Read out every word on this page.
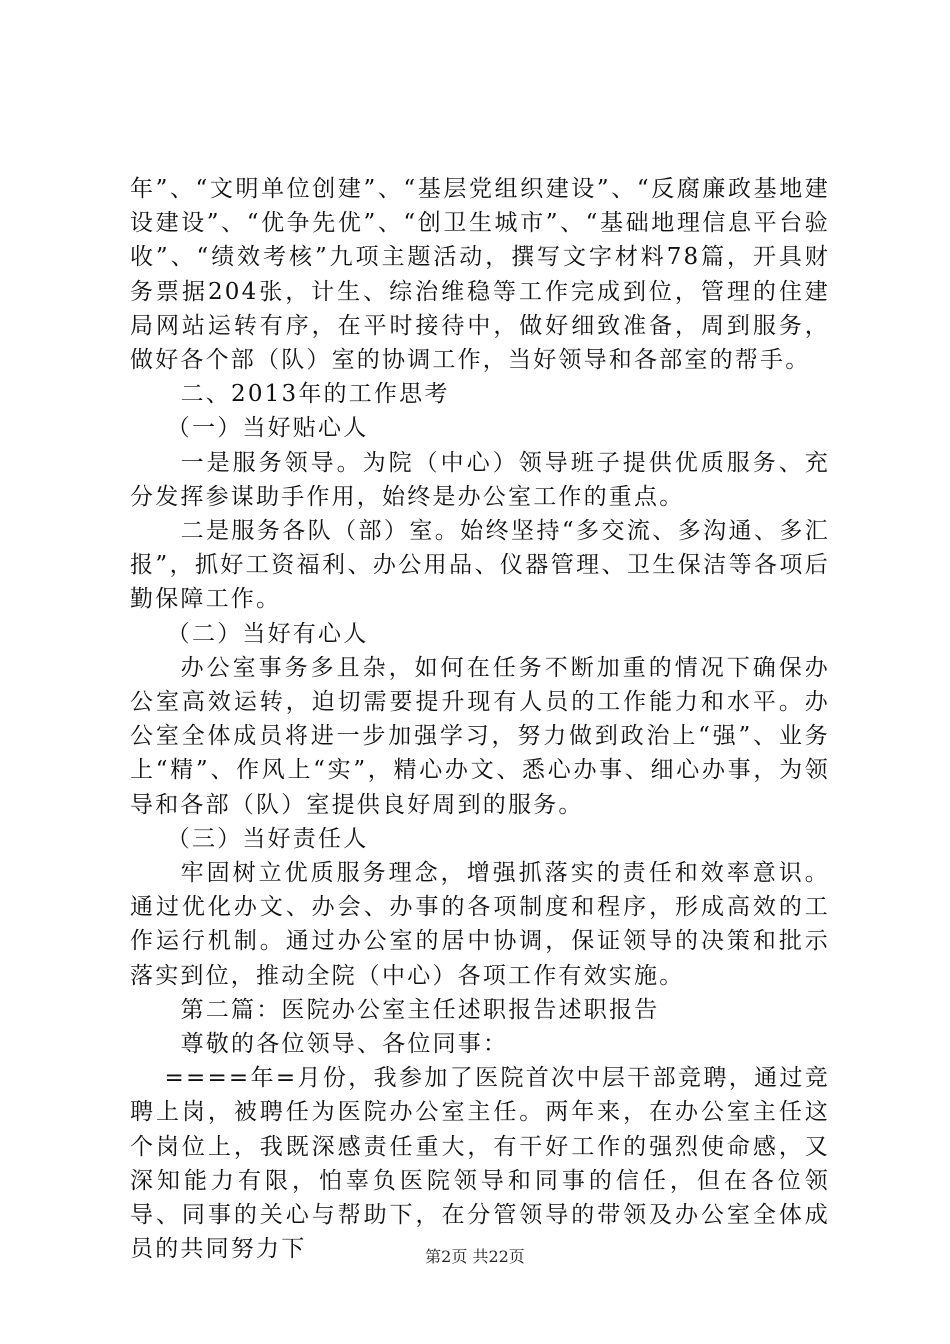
年”、“文明单位创建”、“基层党组织建设”、“反腐廉政基地建设建设”、“优争先优”、“创卫生城市”、“基础地理信息平台验收”、“绩效考核”九项主题活动，撰写文字材料78篇，开具财务票据204张，计生、综治维稳等工作完成到位，管理的住建局网站运转有序，在平时接待中，做好细致准备，周到服务，做好各个部（队）室的协调工作，当好领导和各部室的帮手。

二、2013年的工作思考

（一）当好贴心人

一是服务领导。为院（中心）领导班子提供优质服务、充分发挥参谋助手作用，始终是办公室工作的重点。

二是服务各队（部）室。始终坚持“多交流、多沟通、多汇报”，抓好工资福利、办公用品、仪器管理、卫生保洁等各项后勤保障工作。

（二）当好有心人

办公室事务多且杂，如何在任务不断加重的情况下确保办公室高效运转，迫切需要提升现有人员的工作能力和水平。办公室全体成员将进一步加强学习，努力做到政治上“强”、业务上“精”、作风上“实”，精心办文、悉心办事、细心办事，为领导和各部（队）室提供良好周到的服务。

（三）当好责任人

牢固树立优质服务理念，增强抓落实的责任和效率意识。通过优化办文、办会、办事的各项制度和程序，形成高效的工作运行机制。通过办公室的居中协调，保证领导的决策和批示落实到位，推动全院（中心）各项工作有效实施。

第二篇：医院办公室主任述职报告述职报告

尊敬的各位领导、各位同事：

====年=月份，我参加了医院首次中层干部竞聘，通过竞聘上岗，被聘任为医院办公室主任。两年来，在办公室主任这个岗位上，我既深感责任重大，有干好工作的强烈使命感，又深知能力有限，怕辜负医院领导和同事的信任，但在各位领导、同事的关心与帮助下，在分管领导的带领及办公室全体成员的共同努力下	第2页 共22页
